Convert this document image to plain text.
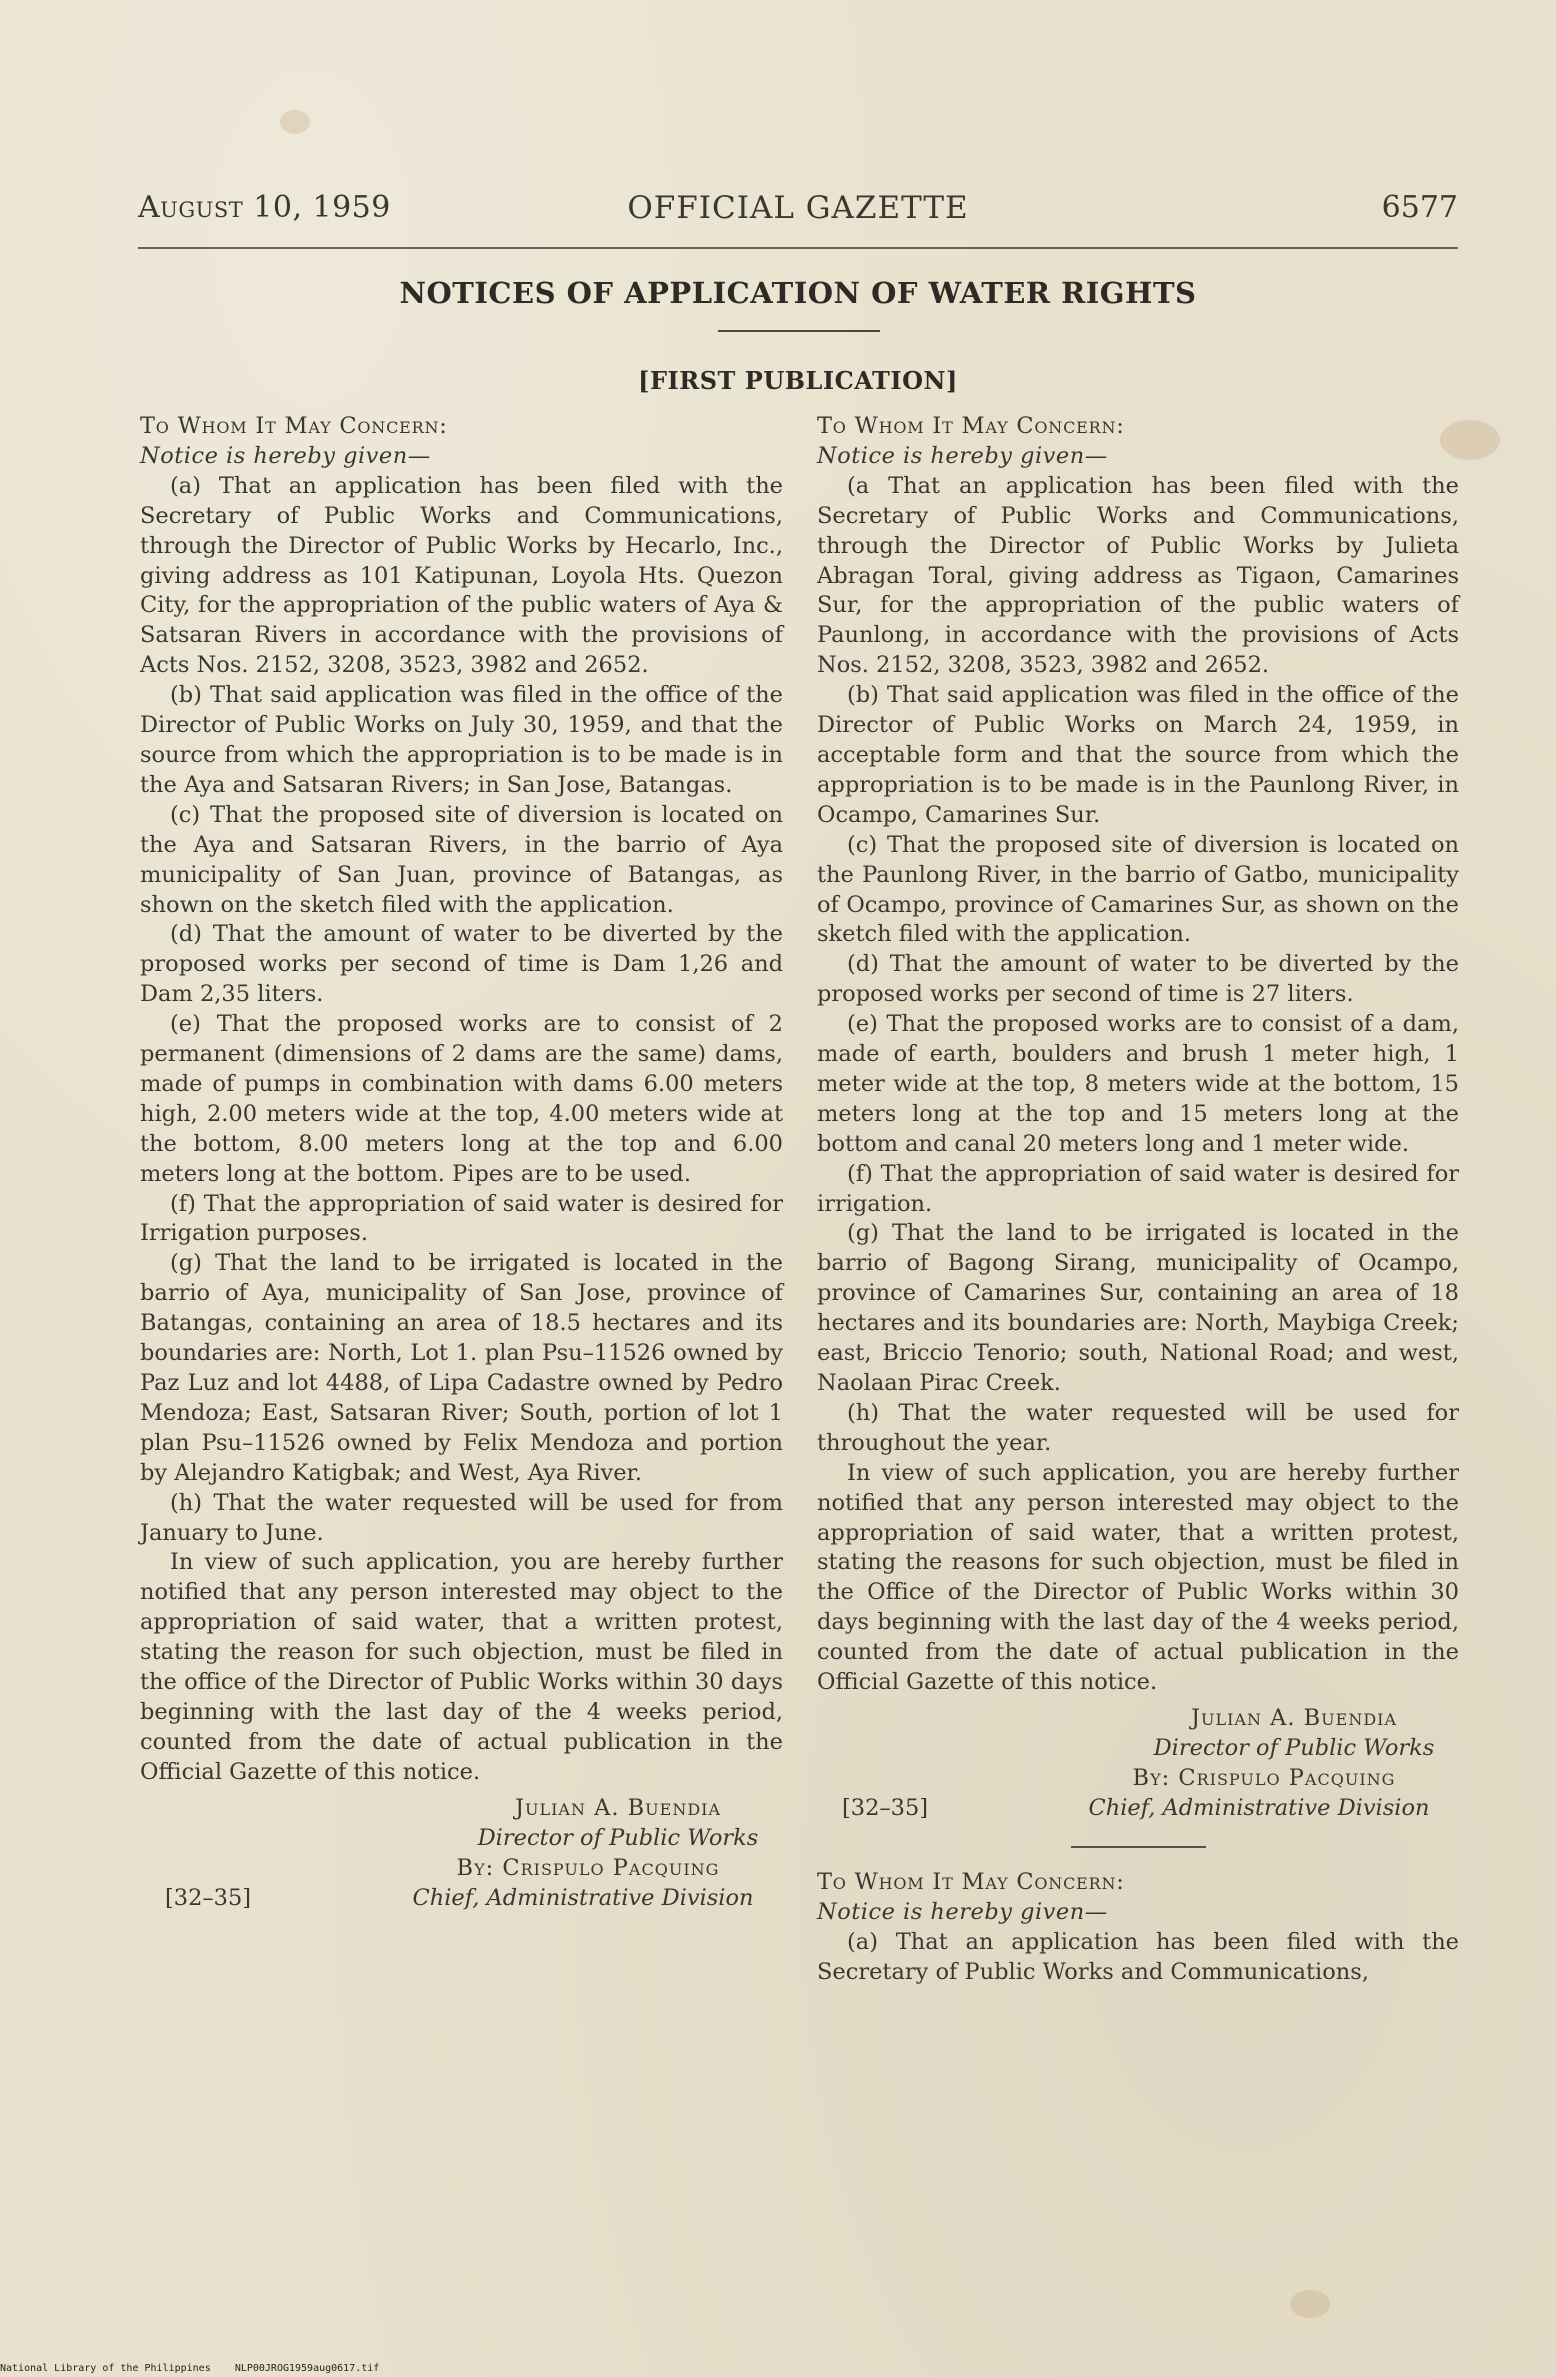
OFFICIAL GAZETTE
August 10, 1959	6577
NOTICES OF APPLICATION OF WATER RIGHTS
[FIRST PUBLICATION]

To Whom It May Concern:

Notice is hereby given—

(a) That an application has been filed with the Secretary of Public Works and Communications, through the Director of Public Works by Hecarlo, Inc., giving address as 101 Katipunan, Loyola Hts. Quezon City, for the appropriation of the public waters of Aya & Satsaran Rivers in accordance with the provisions of Acts Nos. 2152, 3208, 3523, 3982 and 2652.

(b) That said application was filed in the office of the Director of Public Works on July 30, 1959, and that the source from which the appropriation is to be made is in the Aya and Satsaran Rivers; in San Jose, Batangas.

(c) That the proposed site of diversion is located on the Aya and Satsaran Rivers, in the barrio of Aya municipality of San Juan, province of Batangas, as shown on the sketch filed with the application.

(d) That the amount of water to be diverted by the proposed works per second of time is Dam 1,26 and Dam 2,35 liters.

(e) That the proposed works are to consist of 2 permanent (dimensions of 2 dams are the same) dams, made of pumps in combination with dams 6.00 meters high, 2.00 meters wide at the top, 4.00 meters wide at the bottom, 8.00 meters long at the top and 6.00 meters long at the bottom. Pipes are to be used.

(f) That the appropriation of said water is desired for Irrigation purposes.

(g) That the land to be irrigated is located in the barrio of Aya, municipality of San Jose, province of Batangas, containing an area of 18.5 hectares and its boundaries are: North, Lot 1. plan Psu–11526 owned by Paz Luz and lot 4488, of Lipa Cadastre owned by Pedro Mendoza; East, Satsaran River; South, portion of lot 1 plan Psu–11526 owned by Felix Mendoza and portion by Alejandro Katigbak; and West, Aya River.

(h) That the water requested will be used for from January to June.

In view of such application, you are hereby further notified that any person interested may object to the appropriation of said water, that a written protest, stating the reason for such objection, must be filed in the office of the Director of Public Works within 30 days beginning with the last day of the 4 weeks period, counted from the date of actual publication in the Official Gazette of this notice.

Julian A. Buendia
Director of Public Works
By: Crispulo Pacquing
Chief, Administrative Division
[32–35]

To Whom It May Concern:

Notice is hereby given—

(a That an application has been filed with the Secretary of Public Works and Communications, through the Director of Public Works by Julieta Abragan Toral, giving address as Tigaon, Camarines Sur, for the appropriation of the public waters of Paunlong, in accordance with the provisions of Acts Nos. 2152, 3208, 3523, 3982 and 2652.

(b) That said application was filed in the office of the Director of Public Works on March 24, 1959, in acceptable form and that the source from which the appropriation is to be made is in the Paunlong River, in Ocampo, Camarines Sur.

(c) That the proposed site of diversion is located on the Paunlong River, in the barrio of Gatbo, municipality of Ocampo, province of Camarines Sur, as shown on the sketch filed with the application.

(d) That the amount of water to be diverted by the proposed works per second of time is 27 liters.

(e) That the proposed works are to consist of a dam, made of earth, boulders and brush 1 meter high, 1 meter wide at the top, 8 meters wide at the bottom, 15 meters long at the top and 15 meters long at the bottom and canal 20 meters long and 1 meter wide.

(f) That the appropriation of said water is desired for irrigation.

(g) That the land to be irrigated is located in the barrio of Bagong Sirang, municipality of Ocampo, province of Camarines Sur, containing an area of 18 hectares and its boundaries are: North, Maybiga Creek; east, Briccio Tenorio; south, National Road; and west, Naolaan Pirac Creek.

(h) That the water requested will be used for throughout the year.

In view of such application, you are hereby further notified that any person interested may object to the appropriation of said water, that a written protest, stating the reasons for such objection, must be filed in the Office of the Director of Public Works within 30 days beginning with the last day of the 4 weeks period, counted from the date of actual publication in the Official Gazette of this notice.

Julian A. Buendia
Director of Public Works
By: Crispulo Pacquing
Chief, Administrative Division
[32–35]

To Whom It May Concern:

Notice is hereby given—

(a) That an application has been filed with the Secretary of Public Works and Communications,

National Library of the Philippines NLP00JROG1959aug0617.tif
